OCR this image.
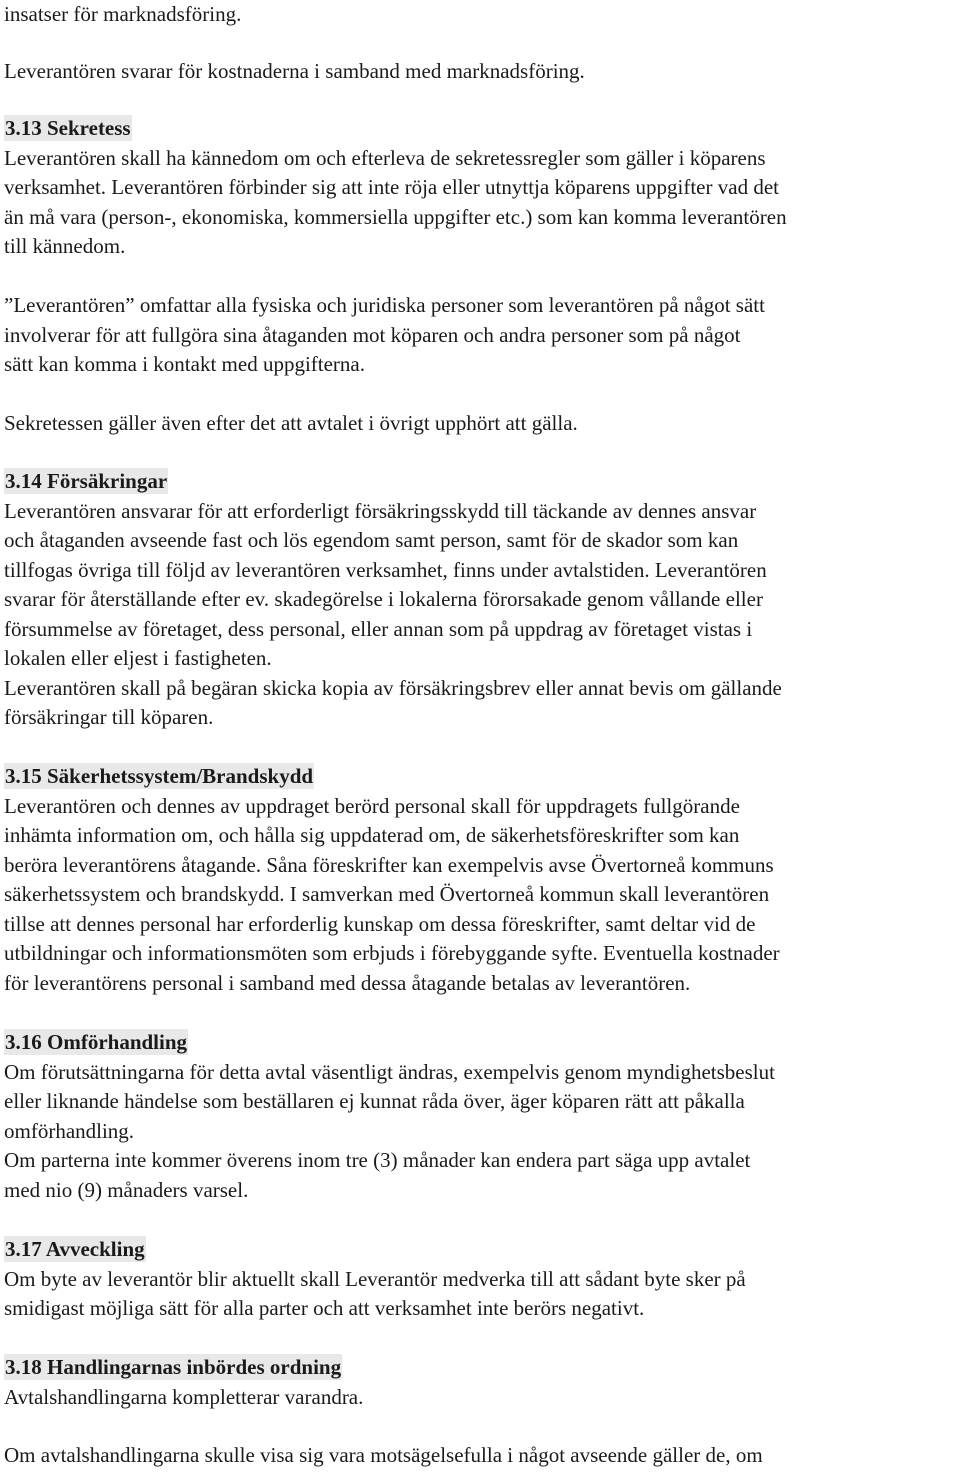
insatser för marknadsföring.
Leverantören svarar för kostnaderna i samband med marknadsföring.
3.13 Sekretess
Leverantören skall ha kännedom om och efterleva de sekretessregler som gäller i köparens
verksamhet. Leverantören förbinder sig att inte röja eller utnyttja köparens uppgifter vad det
än må vara (person-, ekonomiska, kommersiella uppgifter etc.) som kan komma leverantören
till kännedom.
”Leverantören” omfattar alla fysiska och juridiska personer som leverantören på något sätt
involverar för att fullgöra sina åtaganden mot köparen och andra personer som på något
sätt kan komma i kontakt med uppgifterna.
Sekretessen gäller även efter det att avtalet i övrigt upphört att gälla.
3.14 Försäkringar
Leverantören ansvarar för att erforderligt försäkringsskydd till täckande av dennes ansvar
och åtaganden avseende fast och lös egendom samt person, samt för de skador som kan
tillfogas övriga till följd av leverantören verksamhet, finns under avtalstiden. Leverantören
svarar för återställande efter ev. skadegörelse i lokalerna förorsakade genom vållande eller
försummelse av företaget, dess personal, eller annan som på uppdrag av företaget vistas i
lokalen eller eljest i fastigheten.
Leverantören skall på begäran skicka kopia av försäkringsbrev eller annat bevis om gällande
försäkringar till köparen.
3.15 Säkerhetssystem/Brandskydd
Leverantören och dennes av uppdraget berörd personal skall för uppdragets fullgörande
inhämta information om, och hålla sig uppdaterad om, de säkerhetsföreskrifter som kan
beröra leverantörens åtagande. Såna föreskrifter kan exempelvis avse Övertorneå kommuns
säkerhetssystem och brandskydd. I samverkan med Övertorneå kommun skall leverantören
tillse att dennes personal har erforderlig kunskap om dessa föreskrifter, samt deltar vid de
utbildningar och informationsmöten som erbjuds i förebyggande syfte. Eventuella kostnader
för leverantörens personal i samband med dessa åtagande betalas av leverantören.
3.16 Omförhandling
Om förutsättningarna för detta avtal väsentligt ändras, exempelvis genom myndighetsbeslut
eller liknande händelse som beställaren ej kunnat råda över, äger köparen rätt att påkalla
omförhandling.
Om parterna inte kommer överens inom tre (3) månader kan endera part säga upp avtalet
med nio (9) månaders varsel.
3.17 Avveckling
Om byte av leverantör blir aktuellt skall Leverantör medverka till att sådant byte sker på
smidigast möjliga sätt för alla parter och att verksamhet inte berörs negativt.
3.18 Handlingarnas inbördes ordning
Avtalshandlingarna kompletterar varandra.
Om avtalshandlingarna skulle visa sig vara motsägelsefulla i något avseende gäller de, om
